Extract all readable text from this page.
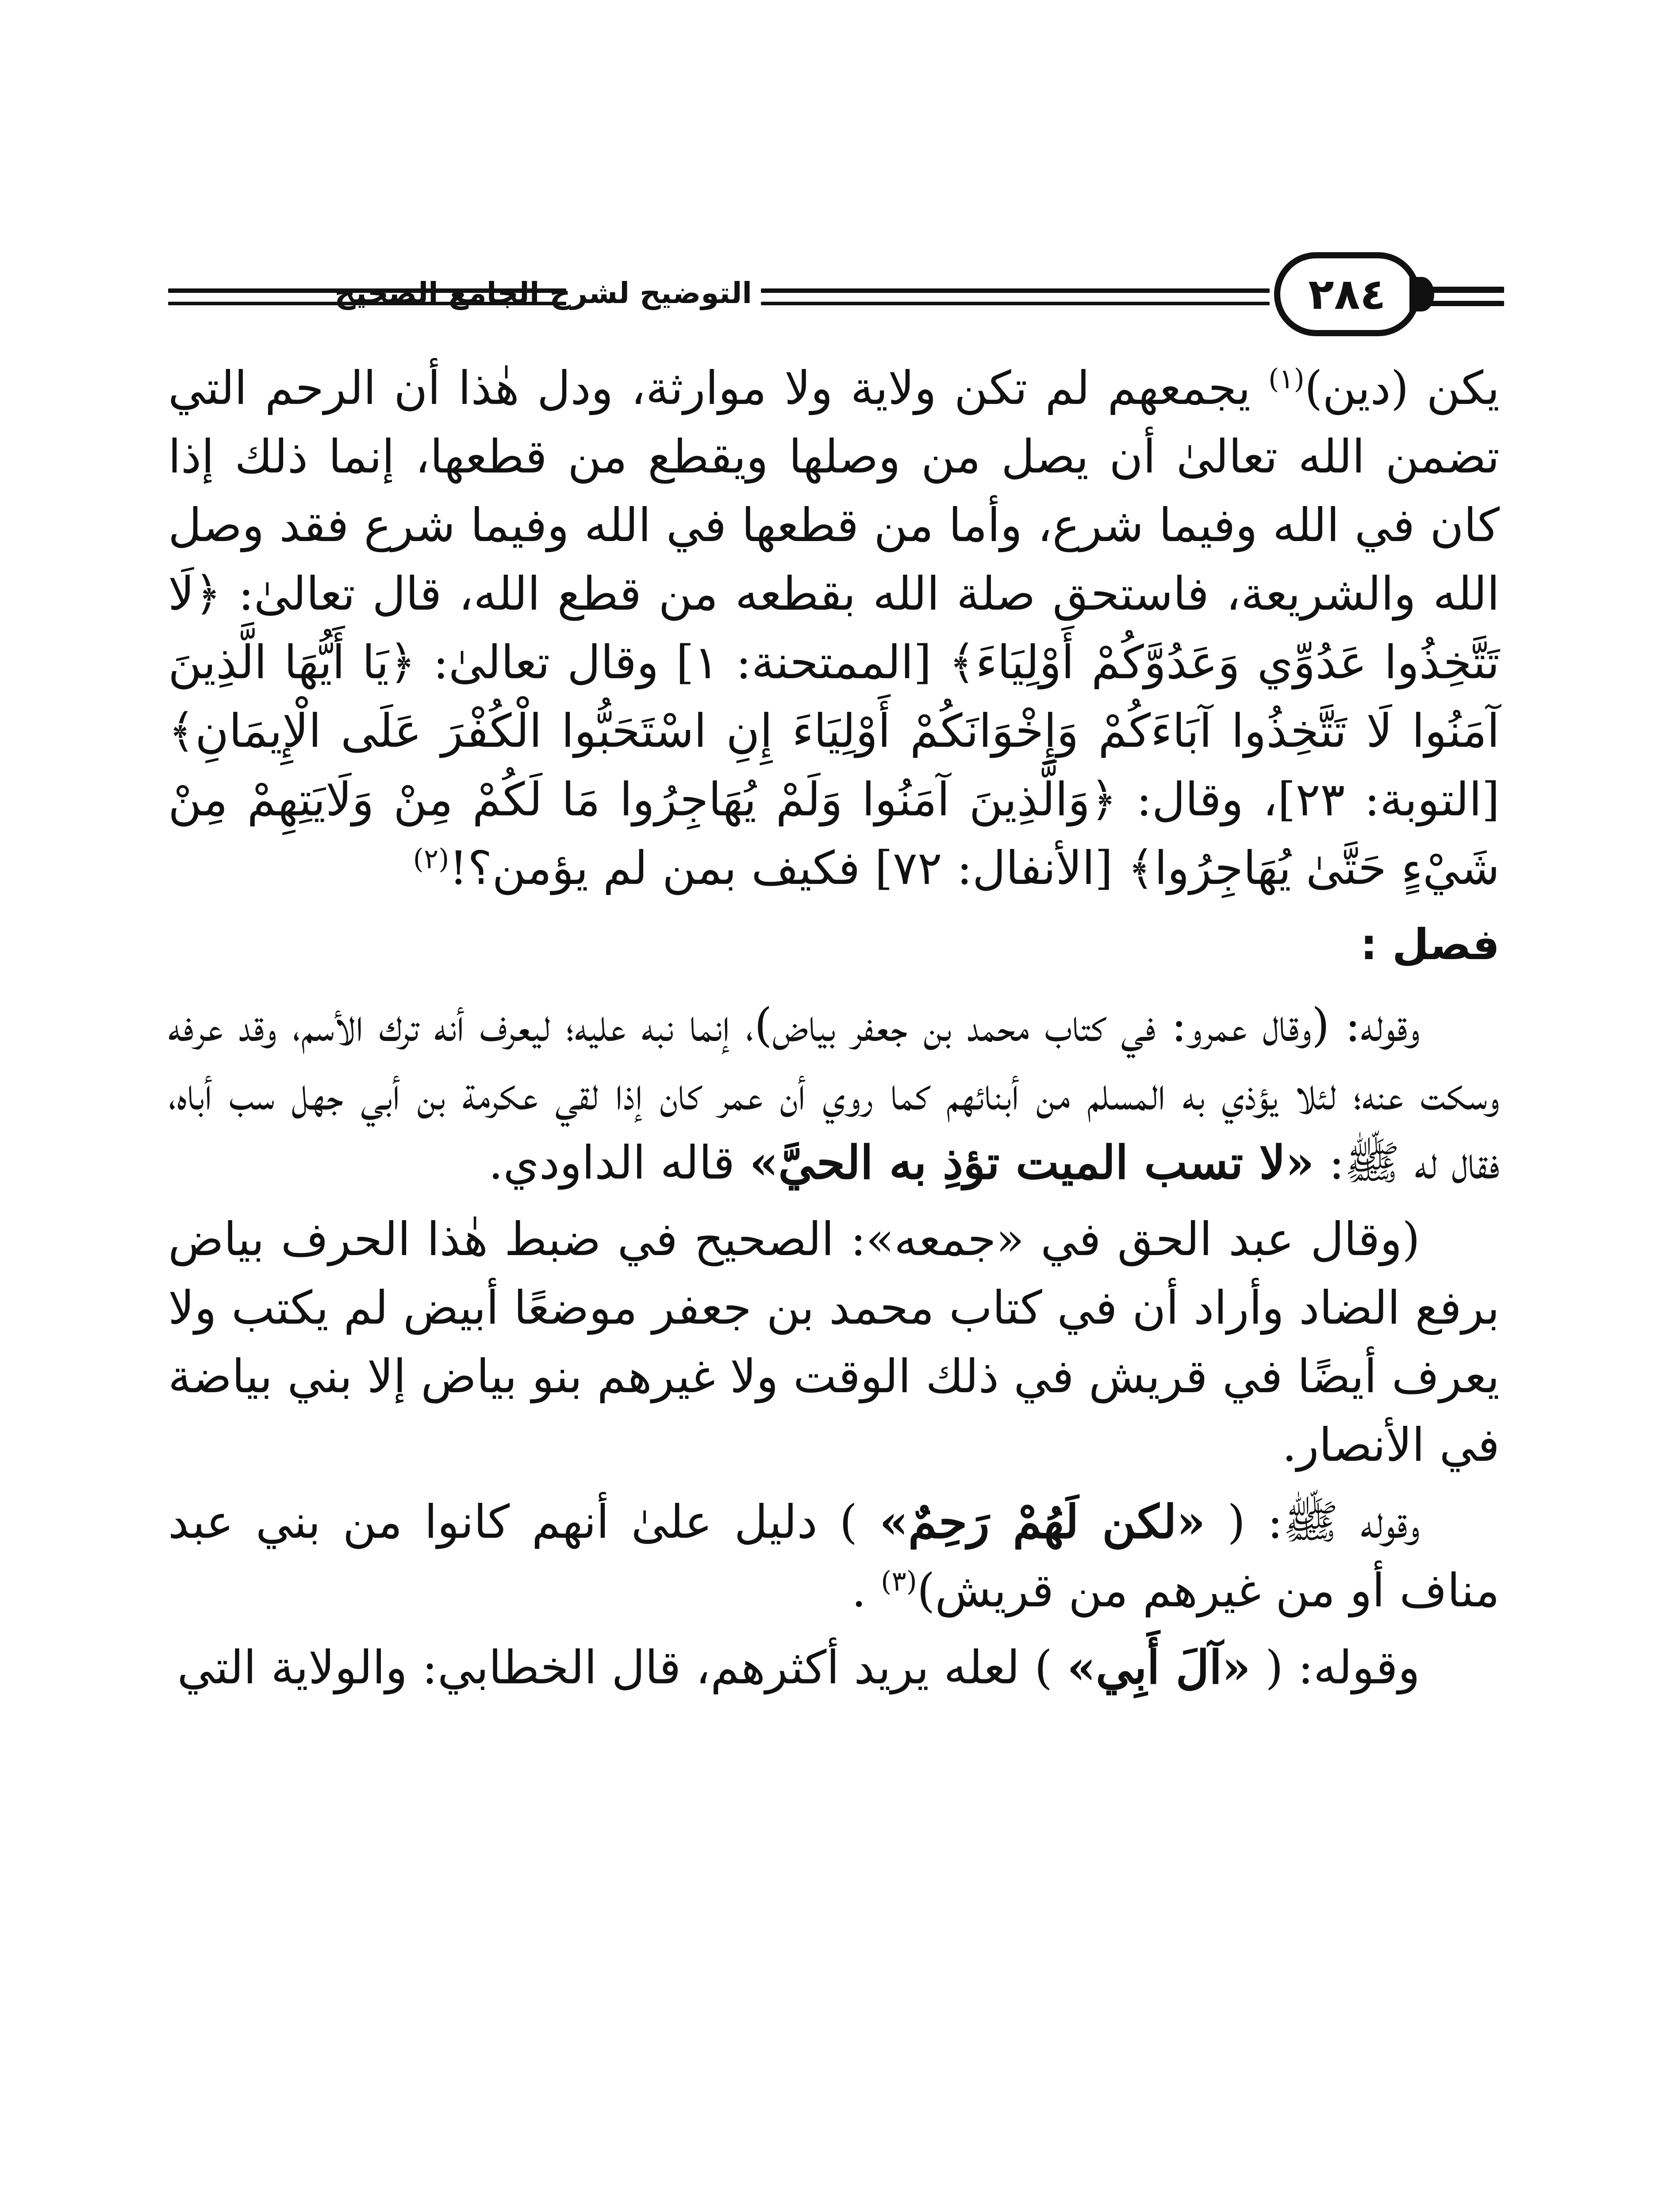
التوضيح لشرح الجامع الصحيح	٢٨٤

يكن (دين)$^{(١)}$ يجمعهم لم تكن ولاية ولا موارثة، ودل هٰذا أن الرحم التي تضمن الله تعالىٰ أن يصل من وصلها ويقطع من قطعها، إنما ذلك إذا كان في الله وفيما شرع، وأما من قطعها في الله وفيما شرع فقد وصل الله والشريعة، فاستحق صلة الله بقطعه من قطع الله، قال تعالىٰ: ﴿لَا تَتَّخِذُوا عَدُوِّي وَعَدُوَّكُمْ أَوْلِيَاءَ﴾ [الممتحنة: ١] وقال تعالىٰ: ﴿يَا أَيُّهَا الَّذِينَ آمَنُوا لَا تَتَّخِذُوا آبَاءَكُمْ وَإِخْوَانَكُمْ أَوْلِيَاءَ إِنِ اسْتَحَبُّوا الْكُفْرَ عَلَى الْإِيمَانِ﴾ [التوبة: ٢٣]، وقال: ﴿وَالَّذِينَ آمَنُوا وَلَمْ يُهَاجِرُوا مَا لَكُمْ مِنْ وَلَايَتِهِمْ مِنْ شَيْءٍ حَتَّىٰ يُهَاجِرُوا﴾ [الأنفال: ٧٢] فكيف بمن لم يؤمن؟!$^{(٢)}$

فصل :

وقوله: (وقال عمرو: في كتاب محمد بن جعفر بياض)، إنما نبه عليه؛ ليعرف أنه ترك الأسم، وقد عرفه وسكت عنه؛ لئلا يؤذي به المسلم من أبنائهم كما روي أن عمر كان إذا لقي عكرمة بن أبي جهل سب أباه، فقال له ﷺ: «لا تسب الميت تؤذِ به الحيَّ» قاله الداودي.

(وقال عبد الحق في «جمعه»: الصحيح في ضبط هٰذا الحرف بياض برفع الضاد وأراد أن في كتاب محمد بن جعفر موضعًا أبيض لم يكتب ولا يعرف أيضًا في قريش في ذلك الوقت ولا غيرهم بنو بياض إلا بني بياضة في الأنصار.

وقوله ﷺ: ( «لكن لَهُمْ رَحِمٌ» ) دليل علىٰ أنهم كانوا من بني عبد مناف أو من غيرهم من قريش)$^{(٣)}$ .

وقوله: ( «آلَ أَبِي» ) لعله يريد أكثرهم، قال الخطابي: والولاية التي
